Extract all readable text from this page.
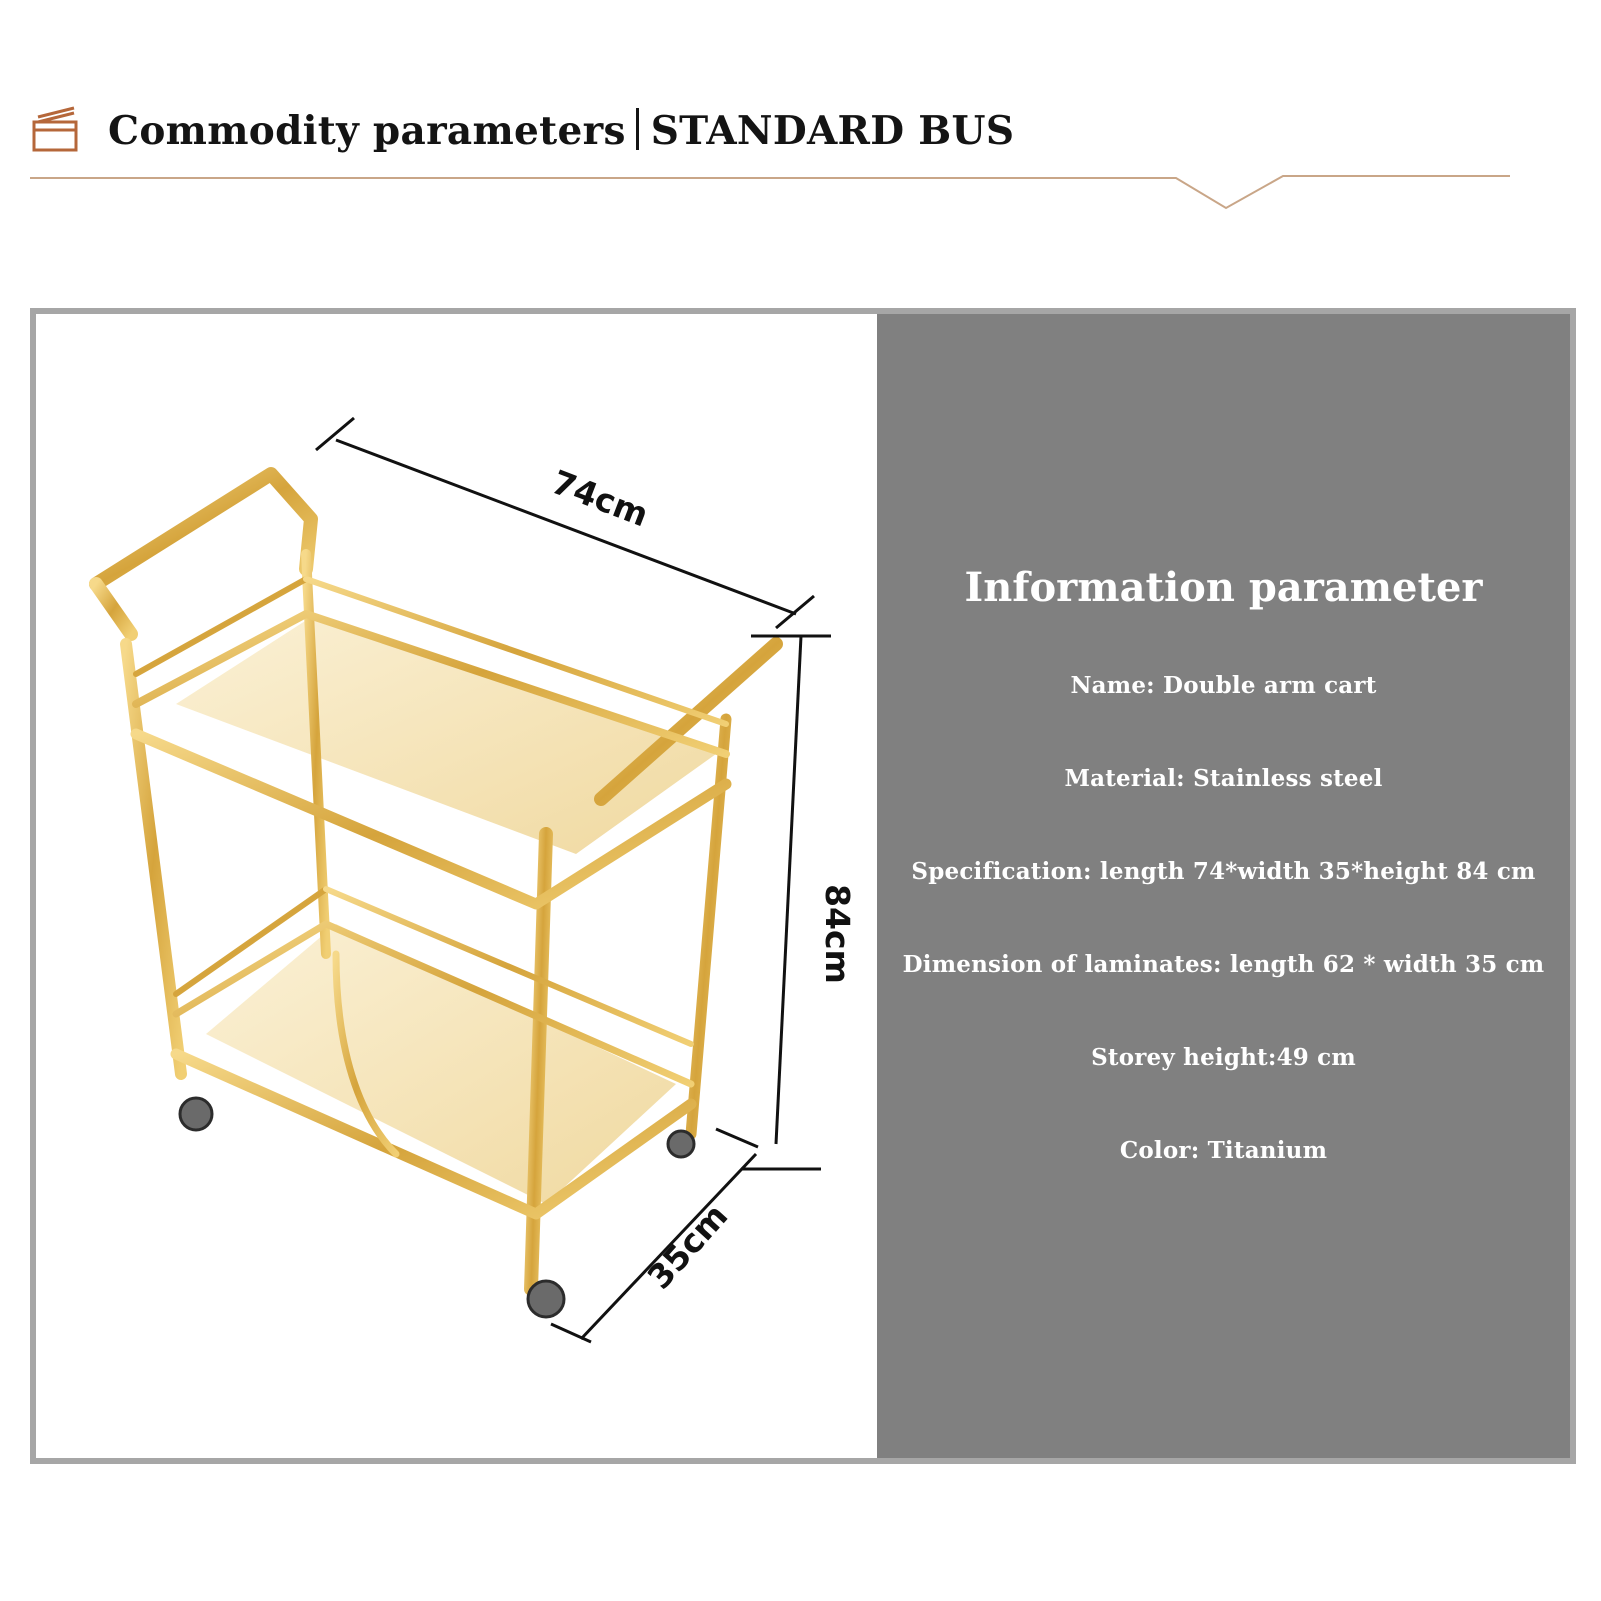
Commodity parameters STANDARD BUS
74cm
84cm
35cm
Information parameter
Name: Double arm cart
Material: Stainless steel
Specification: length 74*width 35*height 84 cm
Dimension of laminates: length 62 * width 35 cm
Storey height:49 cm
Color: Titanium
